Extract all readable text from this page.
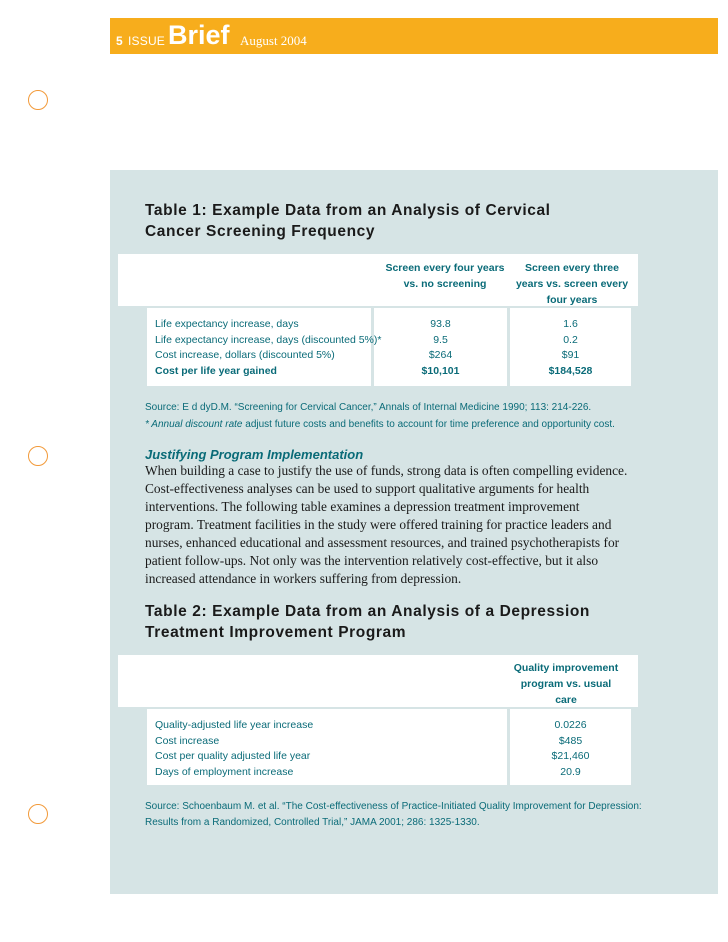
5 ISSUE Brief August 2004
Table 1: Example Data from an Analysis of Cervical
Cancer Screening Frequency
Screen every four years
vs. no screening
Screen every three
years vs. screen every
four years
Life expectancy increase, days
Life expectancy increase, days (discounted 5%)*
Cost increase, dollars (discounted 5%)
Cost per life year gained
93.8
9.5
$264
$10,101
1.6
0.2
$91
$184,528
Source: E d dyD.M. “Screening for Cervical Cancer,” Annals of Internal Medicine 1990; 113: 214-226.
* Annual discount rate adjust future costs and benefits to account for time preference and opportunity cost.
Justifying Program Implementation
When building a case to justify the use of funds, strong data is often compelling evidence.
Cost-effectiveness analyses can be used to support qualitative arguments for health
interventions. The following table examines a depression treatment improvement
program. Treatment facilities in the study were offered training for practice leaders and
nurses, enhanced educational and assessment resources, and trained psychotherapists for
patient follow-ups. Not only was the intervention relatively cost-effective, but it also
increased attendance in workers suffering from depression.
Table 2: Example Data from an Analysis of a Depression
Treatment Improvement Program
Quality improvement
program vs. usual
care
Quality-adjusted life year increase
Cost increase
Cost per quality adjusted life year
Days of employment increase
0.0226
$485
$21,460
20.9
Source: Schoenbaum M. et al. “The Cost-effectiveness of Practice-Initiated Quality Improvement for Depression:
Results from a Randomized, Controlled Trial,” JAMA 2001; 286: 1325-1330.
